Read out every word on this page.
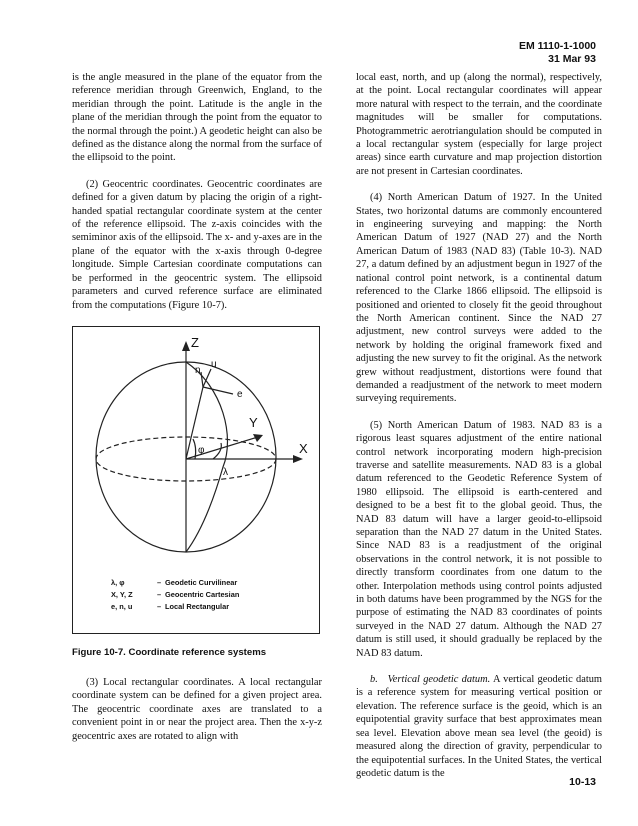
EM 1110-1-1000
31 Mar 93

is the angle measured in the plane of the equator from the reference meridian through Greenwich, England, to the meridian through the point. Latitude is the angle in the plane of the meridian through the point from the equator to the normal through the point.) A geodetic height can also be defined as the distance along the normal from the surface of the ellipsoid to the point.

(2) Geocentric coordinates. Geocentric coordinates are defined for a given datum by placing the origin of a right-handed spatial rectangular coordinate system at the center of the reference ellipsoid. The z-axis coincides with the semiminor axis of the ellipsoid. The x- and y-axes are in the plane of the equator with the x-axis through 0-degree longitude. Simple Cartesian coordinate computations can be performed in the geocentric system. The ellipsoid parameters and curved reference surface are eliminated from the computations (Figure 10-7).

Z
X
Y
n
u
e
φ
λ
λ, φ	– Geodetic Curvilinear
X, Y, Z	– Geocentric Cartesian
e, n, u	– Local Rectangular
Figure 10-7. Coordinate reference systems

(3) Local rectangular coordinates. A local rectangular coordinate system can be defined for a given project area. The geocentric coordinate axes are translated to a convenient point in or near the project area. Then the x-y-z geocentric axes are rotated to align with

local east, north, and up (along the normal), respectively, at the point. Local rectangular coordinates will appear more natural with respect to the terrain, and the coordinate magnitudes will be smaller for computations. Photogrammetric aerotriangulation should be computed in a local rectangular system (especially for large project areas) since earth curvature and map projection distortion are not present in Cartesian coordinates.

(4) North American Datum of 1927. In the United States, two horizontal datums are commonly encountered in engineering surveying and mapping: the North American Datum of 1927 (NAD 27) and the North American Datum of 1983 (NAD 83) (Table 10-3). NAD 27, a datum defined by an adjustment begun in 1927 of the national control point network, is a continental datum referenced to the Clarke 1866 ellipsoid. The ellipsoid is positioned and oriented to closely fit the geoid throughout the North American continent. Since the NAD 27 adjustment, new control surveys were added to the network by holding the original framework fixed and adjusting the new survey to fit the original. As the network grew without readjustment, distortions were found that demanded a readjustment of the network to meet modern surveying requirements.

(5) North American Datum of 1983. NAD 83 is a rigorous least squares adjustment of the entire national control network incorporating modern high-precision traverse and satellite measurements. NAD 83 is a global datum referenced to the Geodetic Reference System of 1980 ellipsoid. The ellipsoid is earth-centered and designed to be a best fit to the global geoid. Thus, the NAD 83 datum will have a larger geoid-to-ellipsoid separation than the NAD 27 datum in the United States. Since NAD 83 is a readjustment of the original observations in the control network, it is not possible to directly transform coordinates from one datum to the other. Interpolation methods using control points adjusted in both datums have been programmed by the NGS for the purpose of estimating the NAD 83 coordinates of points surveyed in the NAD 27 datum. Although the NAD 27 datum is still used, it should gradually be replaced by the NAD 83 datum.

b. Vertical geodetic datum. A vertical geodetic datum is a reference system for measuring vertical position or elevation. The reference surface is the geoid, which is an equipotential gravity surface that best approximates mean sea level. Elevation above mean sea level (the geoid) is measured along the direction of gravity, perpendicular to the equipotential surfaces. In the United States, the vertical geodetic datum is the

10-13
